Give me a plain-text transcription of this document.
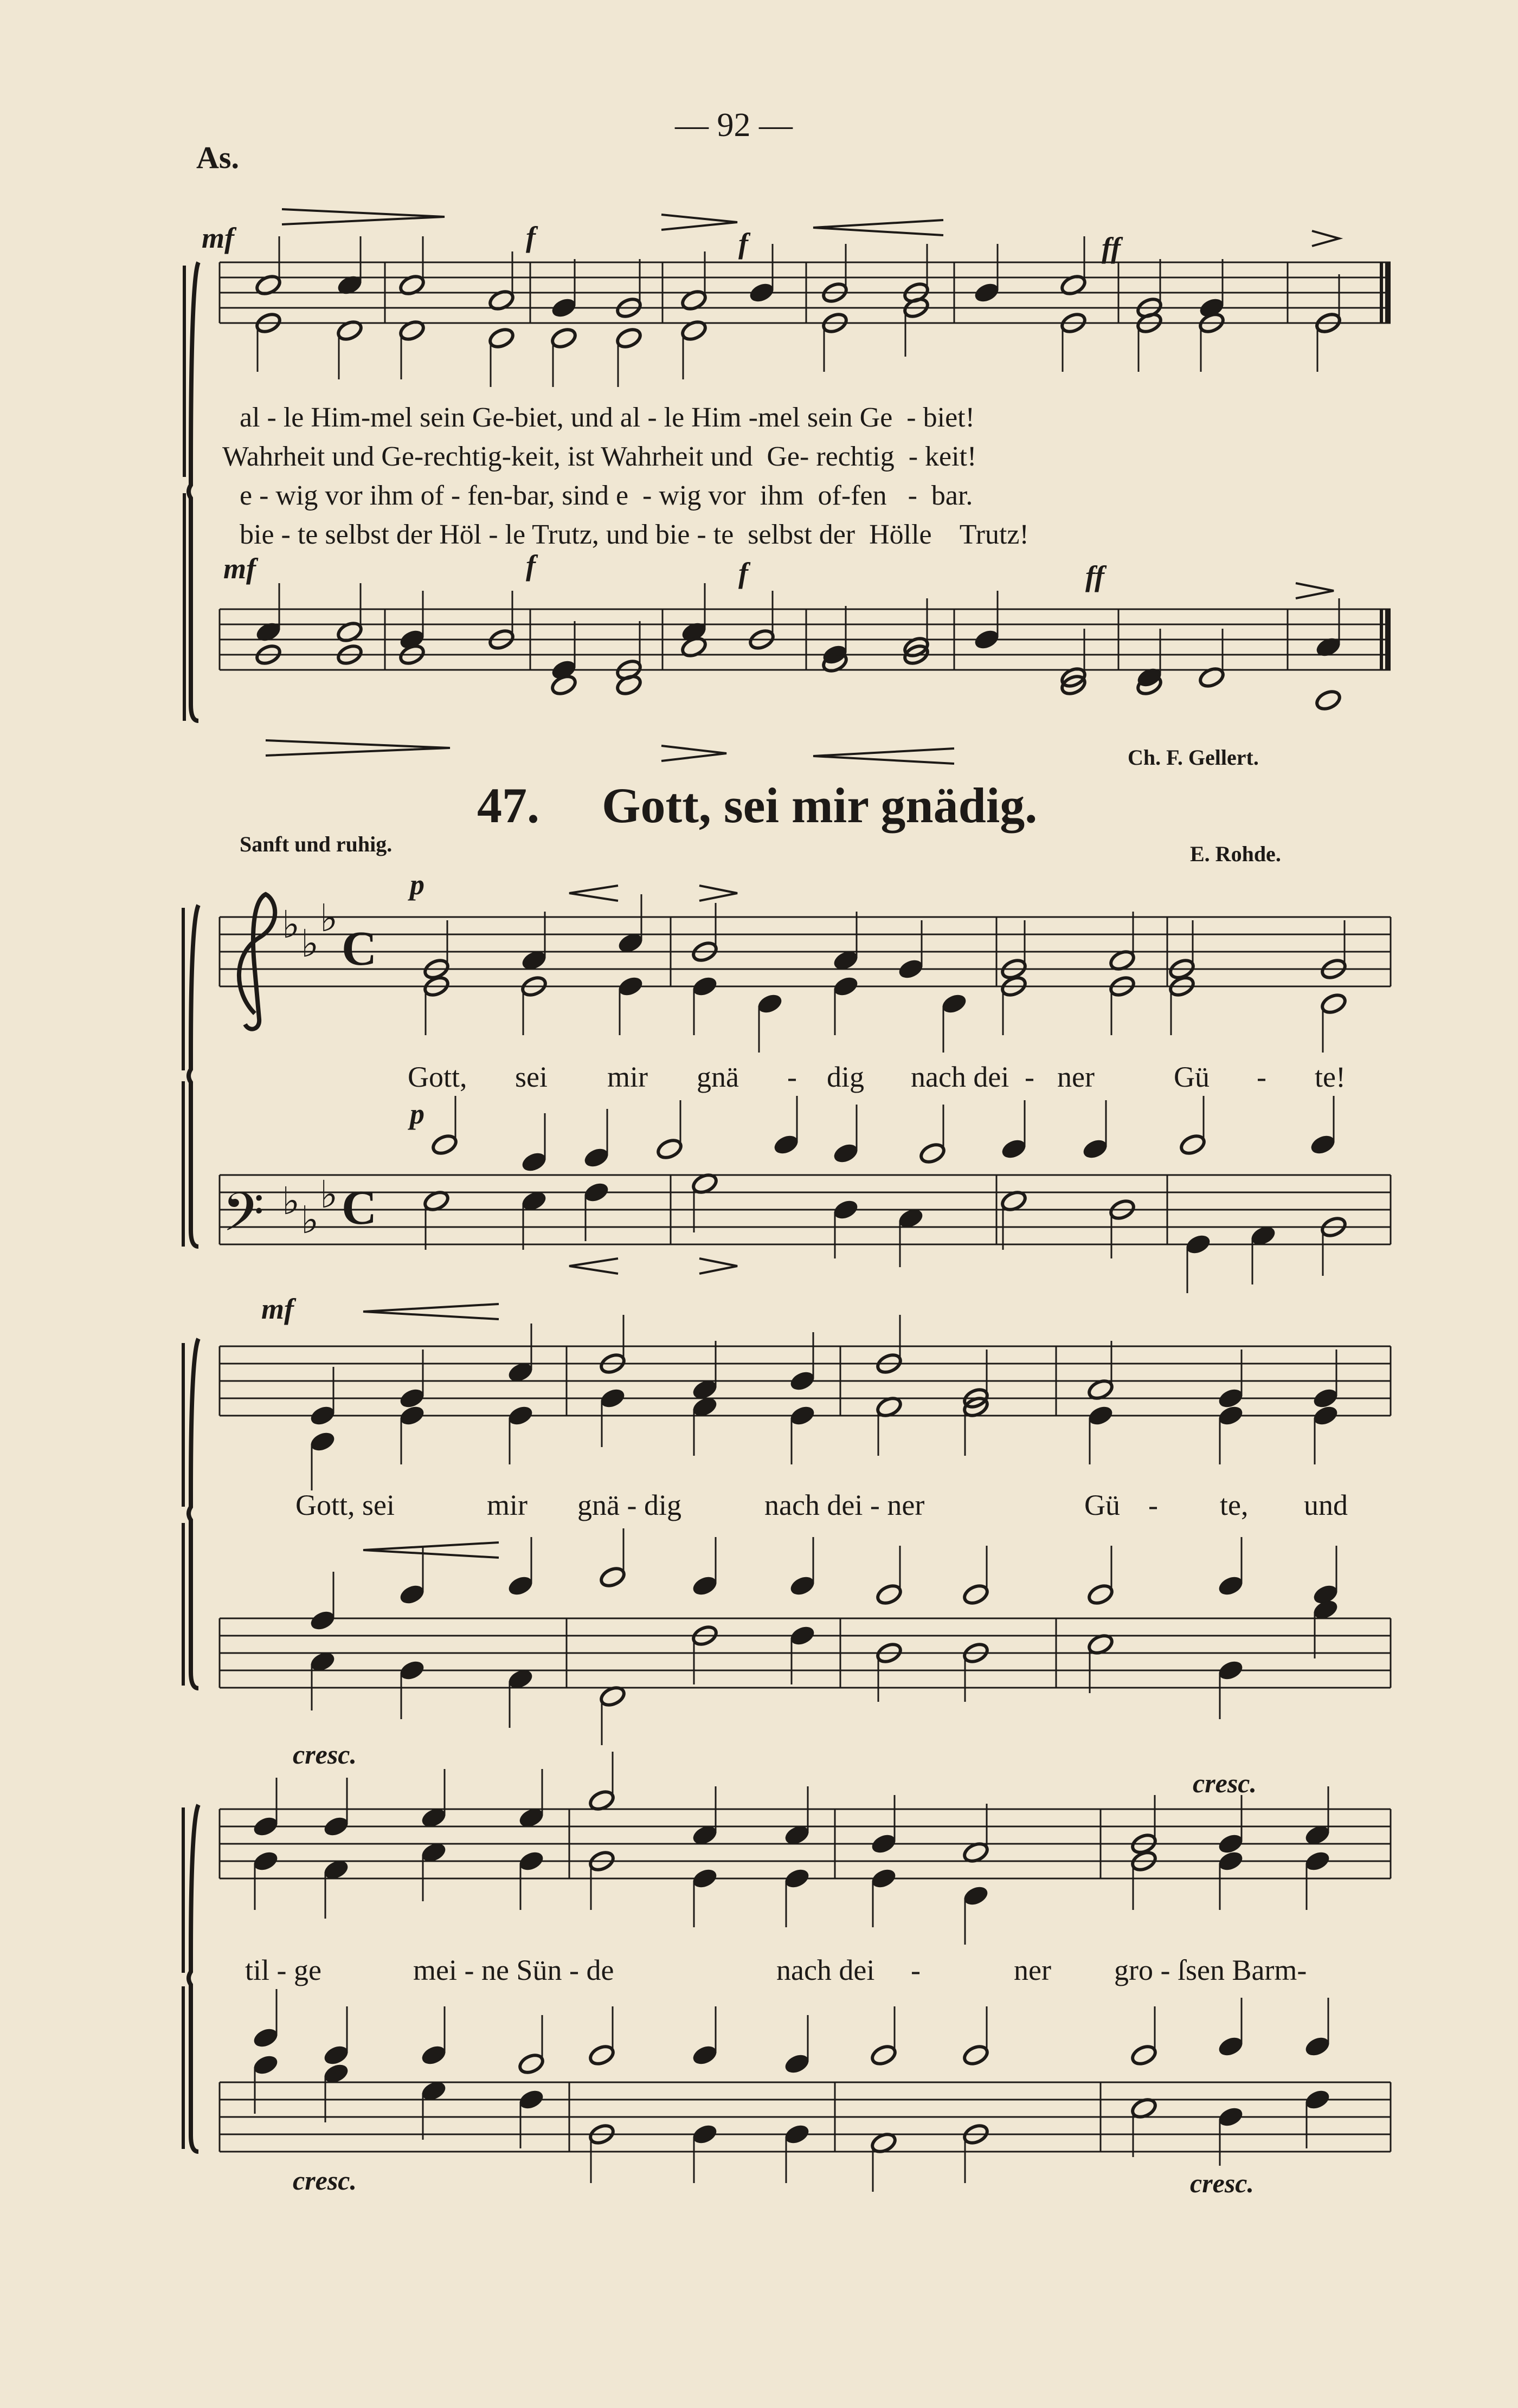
♭ ♭
♭
C
𝄢 ♭ ♭
♭ C
— 92 —
As.
al - le Him-mel sein Ge-biet, und al - le Him -mel sein Ge  - biet!
Wahrheit und Ge-rechtig-keit, ist Wahrheit und  Ge- rechtig  - keit!
e - wig vor ihm of - fen-bar, sind e  - wig vor  ihm  of-fen   -  bar.
bie - te selbst der Höl - le Trutz, und bie - te  selbst der  Hölle    Trutz!
mf	f	f	ff
mf	f	f	ff
Ch. F. Gellert.
47. Gott, sei mir gnädig.
Sanft und ruhig.	E. Rohde.
p
p
mf
Gott, sei mir gnä - dig nach dei - ner	Gü - te!
Gott, sei	mir gnä - dig	nach dei - ner	Gü - te, und
til - ge	mei - ne Sün - de	nach dei -	ner gro - ſsen Barm-
cresc.
cresc.
cresc.	cresc.
